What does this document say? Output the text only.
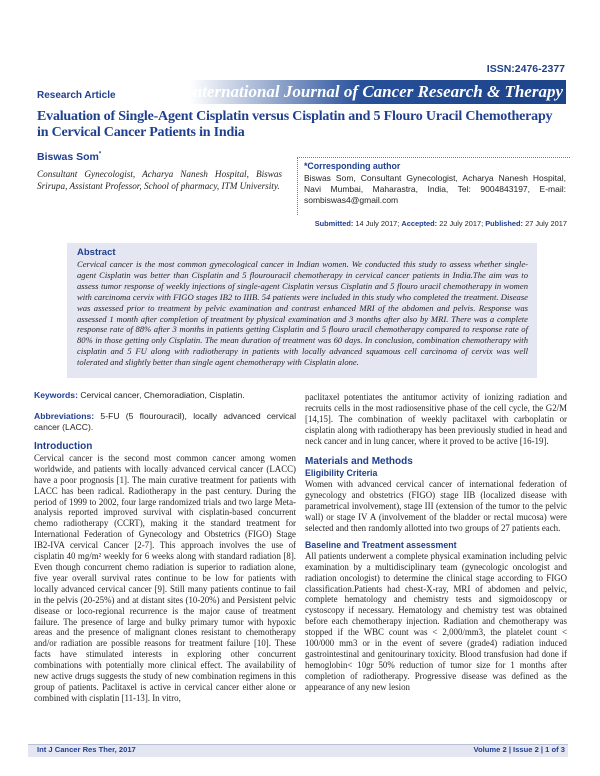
ISSN:2476-2377
Research Article	International Journal of Cancer Research & Therapy
Evaluation of Single-Agent Cisplatin versus Cisplatin and 5 Flouro Uracil Chemotherapy in Cervical Cancer Patients in India
Biswas Som*
Consultant Gynecologist, Acharya Nanesh Hospital, Biswas Srirupa, Assistant Professor, School of pharmacy, ITM University.
*Corresponding author
Biswas Som, Consultant Gynecologist, Acharya Nanesh Hospital, Navi Mumbai, Maharastra, India, Tel: 9004843197, E-mail: sombiswas4@gmail.com
Submitted: 14 July 2017; Accepted: 22 July 2017; Published: 27 July 2017
Abstract
Cervical cancer is the most common gynecological cancer in Indian women. We conducted this study to assess whether single-agent Cisplatin was better than Cisplatin and 5 flourouracil chemotherapy in cervical cancer patients in India.The aim was to assess tumor response of weekly injections of single-agent Cisplatin versus Cisplatin and 5 flouro uracil chemotherapy in women with carcinoma cervix with FIGO stages IB2 to IIIB. 54 patients were included in this study who completed the treatment. Disease was assessed prior to treatment by pelvic examination and contrast enhanced MRI of the abdomen and pelvis. Response was assessed 1 month after completion of treatment by physical examination and 3 months after also by MRI. There was a complete response rate of 88% after 3 months in patients getting Cisplatin and 5 flouro uracil chemotherapy compared to response rate of 80% in those getting only Cisplatin. The mean duration of treatment was 60 days. In conclusion, combination chemotherapy with cisplatin and 5 FU along with radiotherapy in patients with locally advanced squamous cell carcinoma of cervix was well tolerated and slightly better than single agent chemotherapy with Cisplatin alone.
Keywords: Cervical cancer, Chemoradiation, Cisplatin.
Abbreviations: 5-FU (5 flourouracil), locally advanced cervical cancer (LACC).
Introduction

Cervical cancer is the second most common cancer among women worldwide, and patients with locally advanced cervical cancer (LACC) have a poor prognosis [1]. The main curative treatment for patients with LACC has been radical. Radiotherapy in the past century. During the period of 1999 to 2002, four large randomized trials and two large Meta-analysis reported improved survival with cisplatin-based concurrent chemo radiotherapy (CCRT), making it the standard treatment for International Federation of Gynecology and Obstetrics (FIGO) Stage IB2-IVA cervical Cancer [2-7]. This approach involves the use of cisplatin 40 mg/m² weekly for 6 weeks along with standard radiation [8]. Even though concurrent chemo radiation is superior to radiation alone, five year overall survival rates continue to be low for patients with locally advanced cervical cancer [9]. Still many patients continue to fail in the pelvis (20-25%) and at distant sites (10-20%) and Persistent pelvic disease or loco-regional recurrence is the major cause of treatment failure. The presence of large and bulky primary tumor with hypoxic areas and the presence of malignant clones resistant to chemotherapy and/or radiation are possible reasons for treatment failure [10]. These facts have stimulated interests in exploring other concurrent combinations with potentially more clinical effect. The availability of new active drugs suggests the study of new combination regimens in this group of patients. Paclitaxel is active in cervical cancer either alone or combined with cisplatin [11-13]. In vitro,

paclitaxel potentiates the antitumor activity of ionizing radiation and recruits cells in the most radiosensitive phase of the cell cycle, the G2/M [14,15]. The combination of weekly paclitaxel with carboplatin or cisplatin along with radiotherapy has been previously studied in head and neck cancer and in lung cancer, where it proved to be active [16-19].

Materials and Methods
Eligibility Criteria

Women with advanced cervical cancer of international federation of gynecology and obstetrics (FIGO) stage IIB (localized disease with parametrical involvement), stage III (extension of the tumor to the pelvic wall) or stage IV A (involvement of the bladder or rectal mucosa) were selected and then randomly allotted into two groups of 27 patients each.

Baseline and Treatment assessment

All patients underwent a complete physical examination including pelvic examination by a multidisciplinary team (gynecologic oncologist and radiation oncologist) to determine the clinical stage according to FIGO classification.Patients had chest-X-ray, MRI of abdomen and pelvic, complete hematology and chemistry tests and sigmoidoscopy or cystoscopy if necessary. Hematology and chemistry test was obtained before each chemotherapy injection. Radiation and chemotherapy was stopped if the WBC count was < 2,000/mm3, the platelet count < 100/000 mm3 or in the event of severe (grade4) radiation induced gastrointestinal and genitourinary toxicity. Blood transfusion had done if hemoglobin< 10gr 50% reduction of tumor size for 1 months after completion of radiotherapy. Progressive disease was defined as the appearance of any new lesion

Int J Cancer Res Ther, 2017	Volume 2 | Issue 2 | 1 of 3
